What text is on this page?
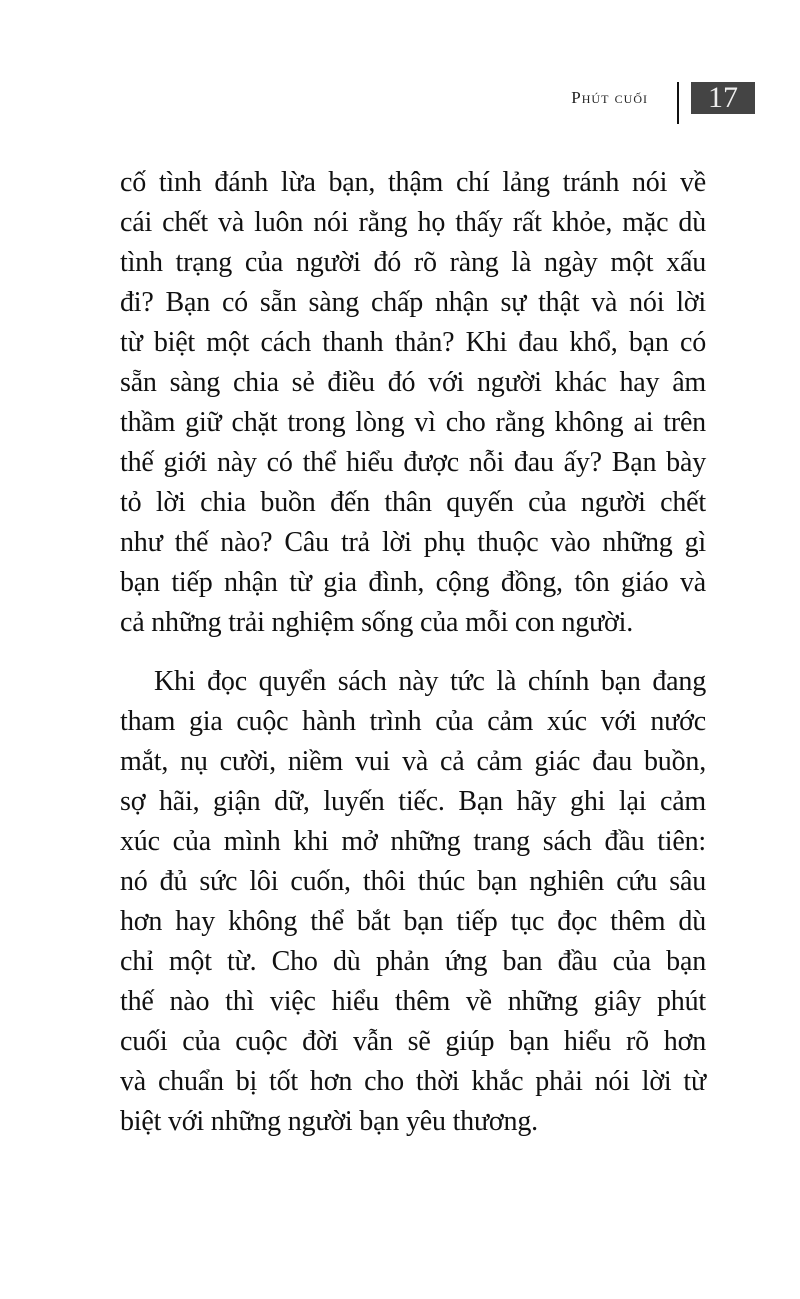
Phút cuối	17
cố tình đánh lừa bạn, thậm chí lảng tránh nói về
cái chết và luôn nói rằng họ thấy rất khỏe, mặc dù
tình trạng của người đó rõ ràng là ngày một xấu
đi? Bạn có sẵn sàng chấp nhận sự thật và nói lời
từ biệt một cách thanh thản? Khi đau khổ, bạn có
sẵn sàng chia sẻ điều đó với người khác hay âm
thầm giữ chặt trong lòng vì cho rằng không ai trên
thế giới này có thể hiểu được nỗi đau ấy? Bạn bày
tỏ lời chia buồn đến thân quyến của người chết
như thế nào? Câu trả lời phụ thuộc vào những gì
bạn tiếp nhận từ gia đình, cộng đồng, tôn giáo và
cả những trải nghiệm sống của mỗi con người.
Khi đọc quyển sách này tức là chính bạn đang
tham gia cuộc hành trình của cảm xúc với nước
mắt, nụ cười, niềm vui và cả cảm giác đau buồn,
sợ hãi, giận dữ, luyến tiếc. Bạn hãy ghi lại cảm
xúc của mình khi mở những trang sách đầu tiên:
nó đủ sức lôi cuốn, thôi thúc bạn nghiên cứu sâu
hơn hay không thể bắt bạn tiếp tục đọc thêm dù
chỉ một từ. Cho dù phản ứng ban đầu của bạn
thế nào thì việc hiểu thêm về những giây phút
cuối của cuộc đời vẫn sẽ giúp bạn hiểu rõ hơn
và chuẩn bị tốt hơn cho thời khắc phải nói lời từ
biệt với những người bạn yêu thương.
